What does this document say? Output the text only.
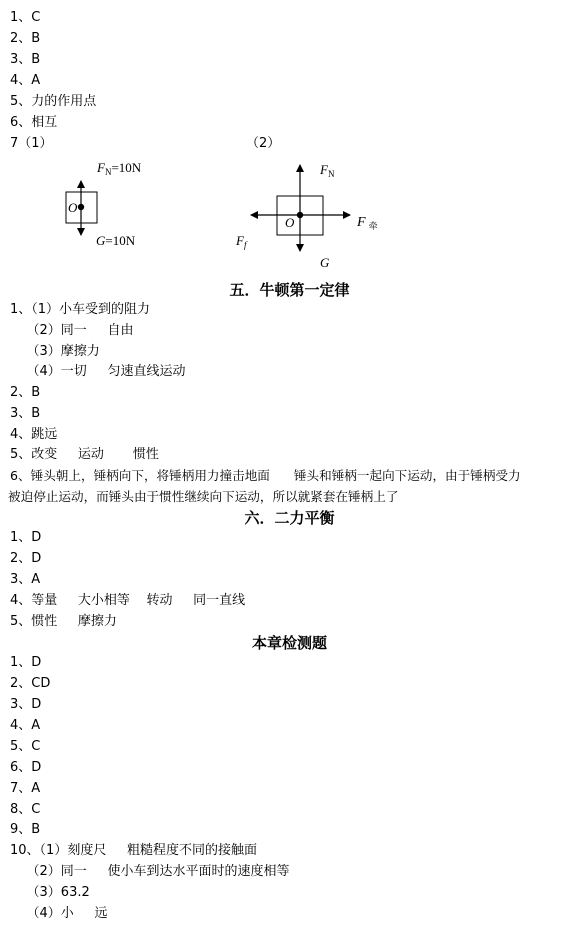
1、C
2、B
3、B
4、A
5、力的作用点
6、相互
7（1）	（2）
O
$F_N=10N$
G=10N
O
$F_N$
G
$F_f$
F $_牵$
五．牛顿第一定律
1、（1）小车受到的阻力
（2）同一     自由
（3）摩擦力
（4）一切     匀速直线运动
2、B
3、B
4、跳远
5、改变     运动       惯性
6、锤头朝上，锤柄向下，将锤柄用力撞击地面      锤头和锤柄一起向下运动，由于锤柄受力
被迫停止运动，而锤头由于惯性继续向下运动，所以就紧套在锤柄上了
六．二力平衡
1、D
2、D
3、A
4、等量     大小相等    转动     同一直线
5、惯性     摩擦力
本章检测题
1、D
2、CD
3、D
4、A
5、C
6、D
7、A
8、C
9、B
10、（1）刻度尺     粗糙程度不同的接触面
（2）同一     使小车到达水平面时的速度相等
（3）63.2
（4）小     远
